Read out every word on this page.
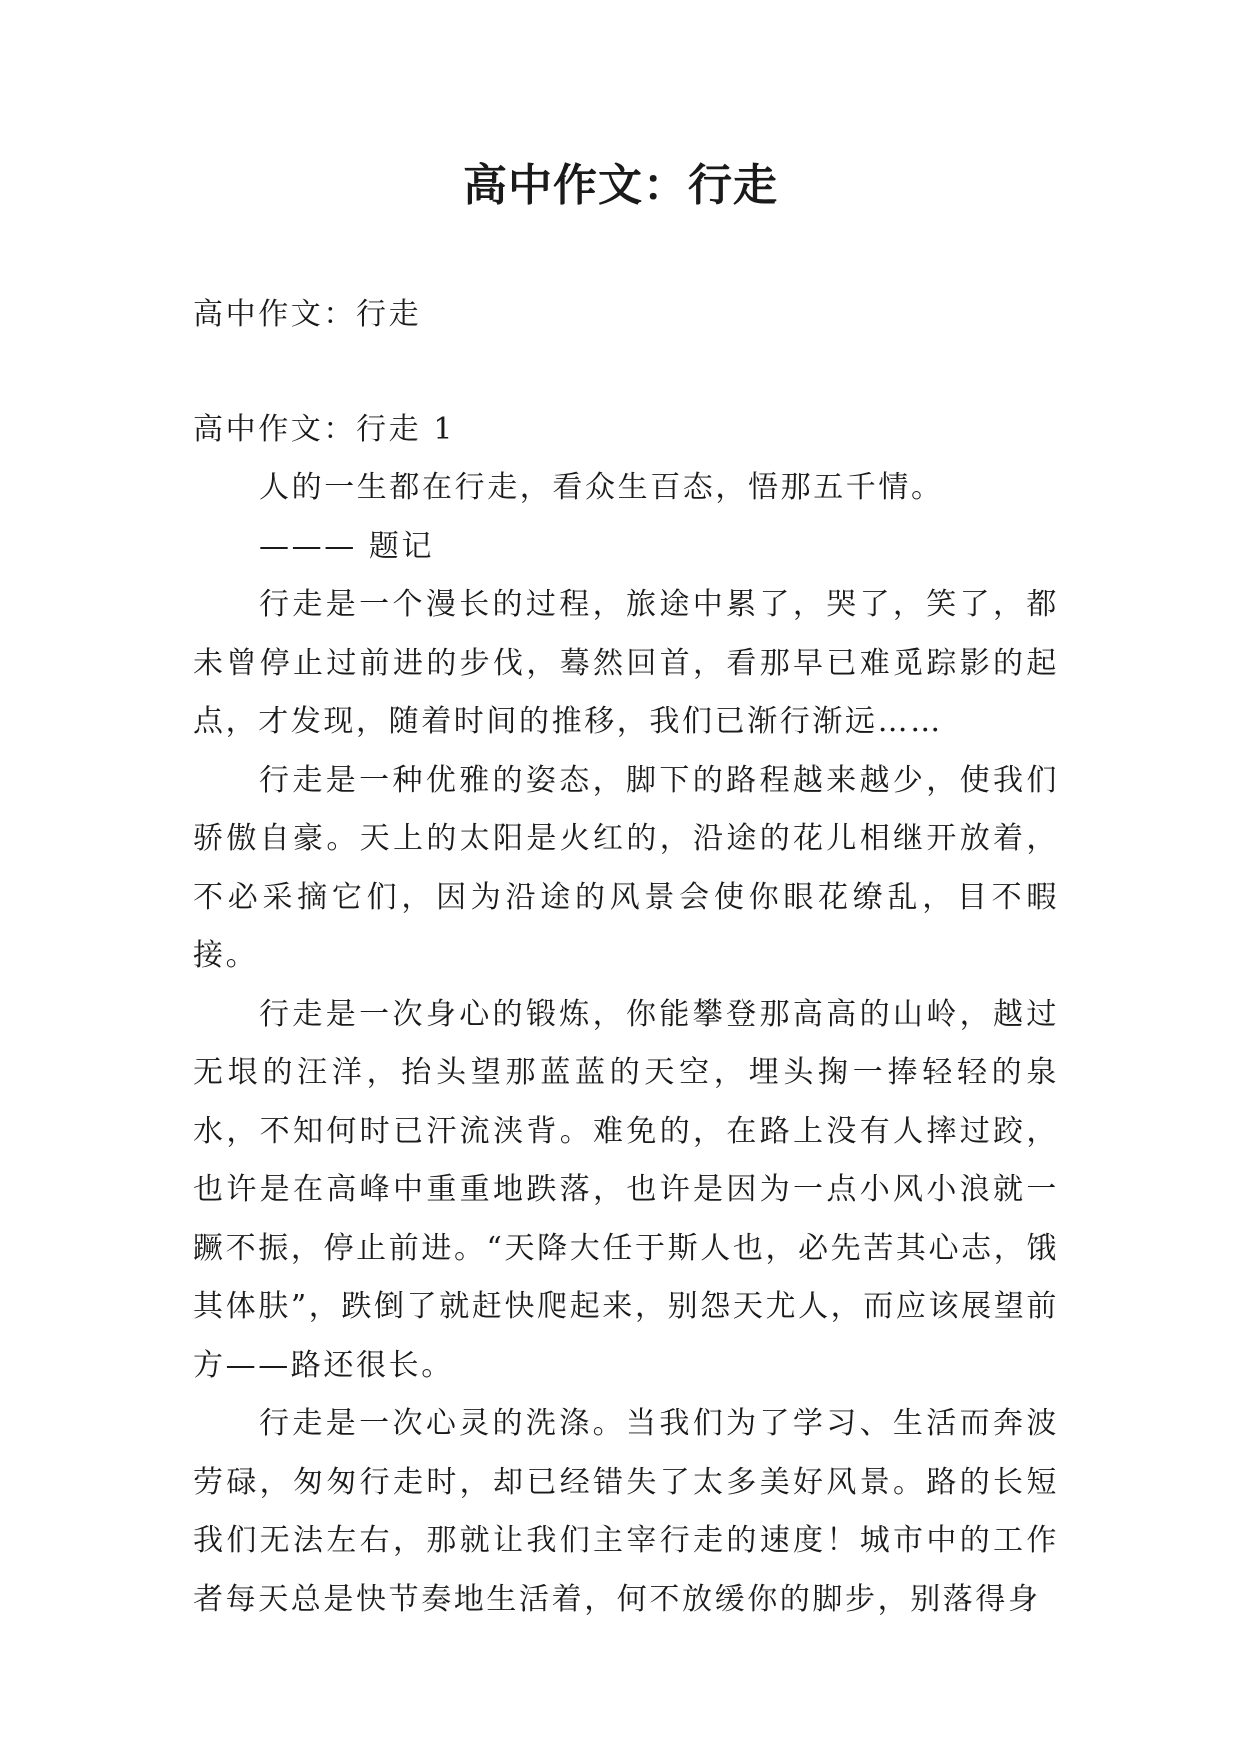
高中作文：行走

高中作文：行走

高中作文：行走 1

人的一生都在行走，看众生百态，悟那五千情。

——— 题记

行走是一个漫长的过程，旅途中累了，哭了，笑了，都未曾停止过前进的步伐，蓦然回首，看那早已难觅踪影的起点，才发现，随着时间的推移，我们已渐行渐远……

行走是一种优雅的姿态，脚下的路程越来越少，使我们骄傲自豪。天上的太阳是火红的，沿途的花儿相继开放着，不必采摘它们，因为沿途的风景会使你眼花缭乱，目不暇接。

行走是一次身心的锻炼，你能攀登那高高的山岭，越过无垠的汪洋，抬头望那蓝蓝的天空，埋头掬一捧轻轻的泉水，不知何时已汗流浃背。难免的，在路上没有人摔过跤，也许是在高峰中重重地跌落，也许是因为一点小风小浪就一蹶不振，停止前进。“天降大任于斯人也，必先苦其心志，饿其体肤”，跌倒了就赶快爬起来，别怨天尤人，而应该展望前方——路还很长。

行走是一次心灵的洗涤。当我们为了学习、生活而奔波劳碌，匆匆行走时，却已经错失了太多美好风景。路的长短我们无法左右，那就让我们主宰行走的速度！城市中的工作者每天总是快节奏地生活着，何不放缓你的脚步，别落得身
